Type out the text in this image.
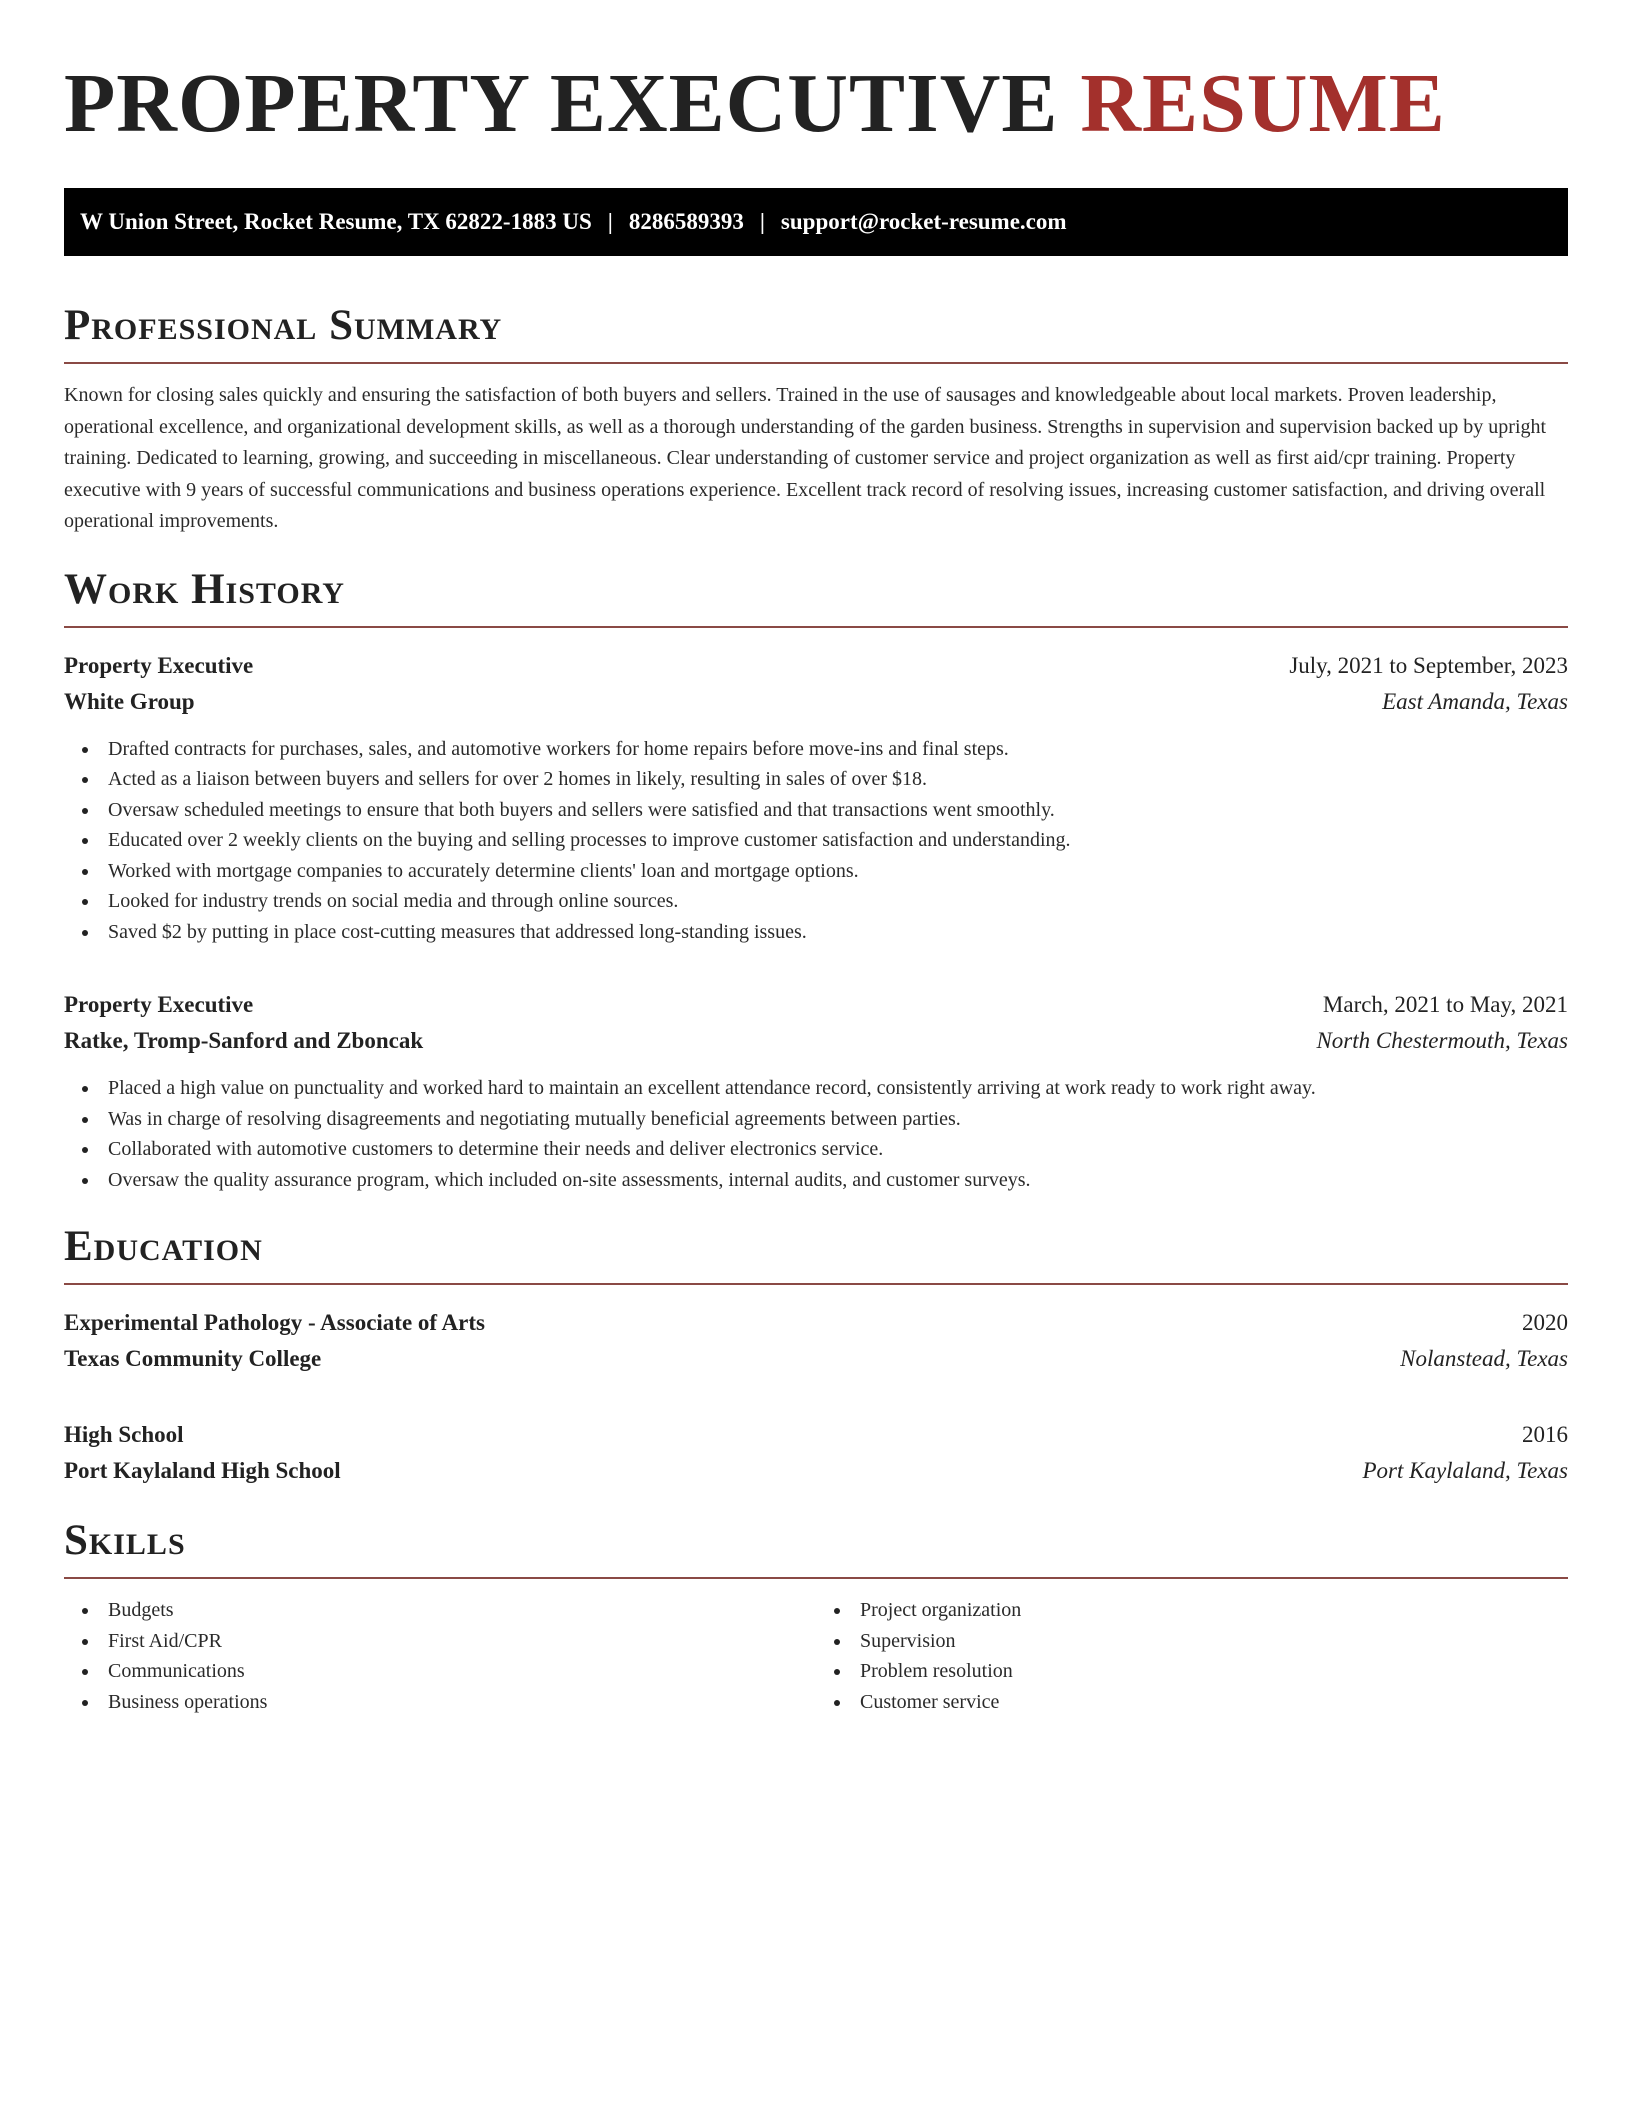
PROPERTY EXECUTIVE RESUME
W Union Street, Rocket Resume, TX 62822-1883 US | 8286589393 | support@rocket-resume.com
Professional Summary

Known for closing sales quickly and ensuring the satisfaction of both buyers and sellers. Trained in the use of sausages and knowledgeable about local markets. Proven leadership, operational excellence, and organizational development skills, as well as a thorough understanding of the garden business. Strengths in supervision and supervision backed up by upright training. Dedicated to learning, growing, and succeeding in miscellaneous. Clear understanding of customer service and project organization as well as first aid/cpr training. Property executive with 9 years of successful communications and business operations experience. Excellent track record of resolving issues, increasing customer satisfaction, and driving overall operational improvements.

Work History
Property Executive	July, 2021 to September, 2023
White Group	East Amanda, Texas
Drafted contracts for purchases, sales, and automotive workers for home repairs before move-ins and final steps.
Acted as a liaison between buyers and sellers for over 2 homes in likely, resulting in sales of over $18.
Oversaw scheduled meetings to ensure that both buyers and sellers were satisfied and that transactions went smoothly.
Educated over 2 weekly clients on the buying and selling processes to improve customer satisfaction and understanding.
Worked with mortgage companies to accurately determine clients' loan and mortgage options.
Looked for industry trends on social media and through online sources.
Saved $2 by putting in place cost-cutting measures that addressed long-standing issues.
Property Executive	March, 2021 to May, 2021
Ratke, Tromp-Sanford and Zboncak	North Chestermouth, Texas
Placed a high value on punctuality and worked hard to maintain an excellent attendance record, consistently arriving at work ready to work right away.
Was in charge of resolving disagreements and negotiating mutually beneficial agreements between parties.
Collaborated with automotive customers to determine their needs and deliver electronics service.
Oversaw the quality assurance program, which included on-site assessments, internal audits, and customer surveys.
Education
Experimental Pathology - Associate of Arts	2020
Texas Community College	Nolanstead, Texas
High School	2016
Port Kaylaland High School	Port Kaylaland, Texas
Skills
Budgets
First Aid/CPR
Communications
Business operations
Project organization
Supervision
Problem resolution
Customer service
